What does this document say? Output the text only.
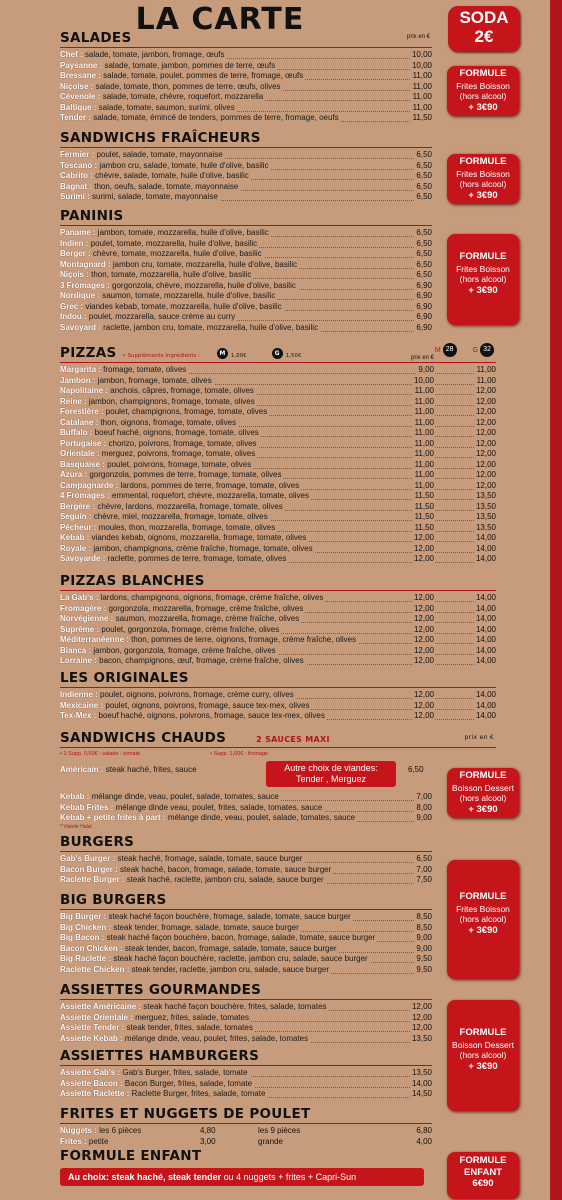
LA CARTE	SODA
2€
FORMULE
Frites Boisson
(hors alcool)
+ 3€90
FORMULE
Frites Boisson
(hors alcool)
+ 3€90
FORMULE
Frites Boisson
(hors alcool)
+ 3€90
FORMULE
Boisson Dessert
(hors alcool)
+ 3€90
FORMULE
Frites Boisson
(hors alcool)
+ 3€90
FORMULE
Boisson Dessert
(hors alcool)
+ 3€90
FORMULE
ENFANT
6€90
SALADES	prix en €
Chef : salade, tomate, jambon, fromage, œufs	10,00
Paysanne : salade, tomate, jambon, pommes de terre, œufs	10,00
Bressane : salade, tomate, poulet, pommes de terre, fromage, œufs	11,00
Niçoise : salade, tomate, thon, pommes de terre, œufs, olives	11,00
Cévenole : salade, tomate, chèvre, roquefort, mozzarella	11,00
Baltique : salade, tomate, saumon, surimi, olives	11,00
Tender : salade, tomate, émincé de tenders, pommes de terre, fromage, oeufs	11,50
SANDWICHS FRAÎCHEURS
Fermier : poulet, salade, tomate, mayonnaise	6,50
Toscano : jambon cru, salade, tomate, huile d'olive, basilic	6,50
Cabrito : chèvre, salade, tomate, huile d'olive, basilic	6,50
Bagnat : thon, oeufs, salade, tomate, mayonnaise	6,50
Surimi : surimi, salade, tomate, mayonnaise	6,50
PANINIS
Paname : jambon, tomate, mozzarella, huile d'olive, basilic	6,50
Indien : poulet, tomate, mozzarella, huile d'olive, basilic	6,50
Berger : chèvre, tomate, mozzarella, huile d'olive, basilic	6,50
Montagnard : jambon cru, tomate, mozzarella, huile d'olive, basilic	6,50
Niçois : thon, tomate, mozzarella, huile d'olive, basilic	6,50
3 Fromages : gorgonzola, chèvre, mozzarella, huile d'olive, basilic	6,90
Nordique : saumon, tomate, mozzarella, huile d'olive, basilic	6,90
Grec : viandes kebab, tomate, mozzarella, huile d'olive, basilic	6,90
Indou : poulet, mozzarella, sauce crème au curry	6,90
Savoyard : raclette, jambon cru, tomate, mozzarella, huile d'olive, basilic	6,90
PIZZAS • Suppléments Ingrédients :	M 1,00€	G 1,50€
M 28	G 32
prix en €
Margarita : fromage, tomate, olives	9,00	11,00
Jambon : jambon, fromage, tomate, olives	10,00	11,00
Napolitaine : anchois, câpres, fromage, tomate, olives	11,00	12,00
Reine : jambon, champignons, fromage, tomate, olives	11,00	12,00
Forestière : poulet, champignons, fromage, tomate, olives	11,00	12,00
Catalane : thon, oignons, fromage, tomate, olives	11,00	12,00
Buffalo : boeuf haché, oignons, fromage, tomate, olives	11,00	12,00
Portugaise : chorizo, poivrons, fromage, tomate, olives	11,00	12,00
Orientale : merguez, poivrons, fromage, tomate, olives	11,00	12,00
Basquaise : poulet, poivrons, fromage, tomate, olives	11,00	12,00
Azura : gorgonzola, pommes de terre, fromage, tomate, olives	11,00	12,00
Campagnarde : lardons, pommes de terre, fromage, tomate, olives	11,00	12,00
4 Fromages : emmental, roquefort, chèvre, mozzarella, tomate, olives	11,50	13,50
Bergère : chèvre, lardons, mozzarella, fromage, tomate, olives	11,50	13,50
Seguin : chèvre, miel, mozzarella, fromage, tomate, olives	11,50	13,50
Pêcheur : moules, thon, mozzarella, fromage, tomate, olives	11,50	13,50
Kebab : viandes kebab, oignons, mozzarella, fromage, tomate, olives	12,00	14,00
Royale : jambon, champignons, crème fraîche, fromage, tomate, olives	12,00	14,00
Savoyarde : raclette, pommes de terre, fromage, tomate, olives	12,00	14,00
PIZZAS BLANCHES
La Gab's : lardons, champignons, oignons, fromage, crème fraîche, olives	12,00	14,00
Fromagère : gorgonzola, mozzarella, fromage, crème fraîche, olives	12,00	14,00
Norvégienne : saumon, mozzarella, fromage, crème fraîche, olives	12,00	14,00
Suprême : poulet, gorgonzola, fromage, crème fraîche, olives	12,00	14,00
Méditerranéenne : thon, pommes de terre, oignons, fromage, crème fraîche, olives	12,00	14,00
Bianca : jambon, gorgonzola, fromage, crème fraîche, olives	12,00	14,00
Lorraine : bacon, champignons, œuf, fromage, crème fraîche, olives	12,00	14,00
LES ORIGINALES
Indienne : poulet, oignons, poivrons, fromage, crème curry, olives	12,00	14,00
Mexicaine : poulet, oignons, poivrons, fromage, sauce tex-mex, olives	12,00	14,00
Tex-Mex : boeuf haché, oignons, poivrons, fromage, sauce tex-mex, olives	12,00	14,00
SANDWICHS CHAUDS	2 SAUCES MAXI	prix en €
• 1 Supp. 0,50€ : salade - tomate	• Supp. 1,00€ : fromage
Autre choix de viandes:
Tender , Merguez
Américain : steak haché, frites, sauce	6,50
Kebab : mélange dinde, veau, poulet, salade, tomates, sauce	7,00
Kebab Frites : mélange dinde veau, poulet, frites, salade, tomates, sauce	8,00
Kebab + petite frites à part : mélange dinde, veau, poulet, salade, tomates, sauce	9,00
* Viande Halal
BURGERS
Gab's Burger : steak haché, fromage, salade, tomate, sauce burger	6,50
Bacon Burger : steak haché, bacon, fromage, salade, tomate, sauce burger	7,00
Raclette Burger : steak haché, raclette, jambon cru, salade, sauce burger	7,50
BIG BURGERS
Big Burger : steak haché façon bouchère, fromage, salade, tomate, sauce burger	8,50
Big Chicken : steak tender, fromage, salade, tomate, sauce burger	8,50
Big Bacon : steak haché façon bouchère, bacon, fromage, salade, tomate, sauce burger	9,00
Bacon Chicken : steak tender, bacon, fromage, salade, tomate, sauce burger	9,00
Big Raclette : steak haché façon bouchère, raclette, jambon cru, salade, sauce burger	9,50
Raclette Chicken : steak tender, raclette, jambon cru, salade, sauce burger	9,50
ASSIETTES GOURMANDES
Assiette Américaine : steak haché façon bouchère, frites, salade, tomates	12,00
Assiette Orientale : merguez, frites, salade, tomates	12,00
Assiette Tender : steak tender, frites, salade, tomates	12,00
Assiette Kebab : mélange dinde, veau, poulet, frites, salade, tomates	13,50
ASSIETTES HAMBURGERS
Assiette Gab's : Gab's Burger, frites, salade, tomate	13,50
Assiette Bacon : Bacon Burger, frites, salade, tomate	14,00
Assiette Raclette : Raclette Burger, frites, salade, tomate	14,50
FRITES ET NUGGETS DE POULET
Nuggets : les 6 pièces	4,80	les 9 pièces	6,80
Frites : petite	3,00	grande	4,00
FORMULE ENFANT
Au choix: steak haché, steak tender ou 4 nuggets + frites + Capri-Sun
